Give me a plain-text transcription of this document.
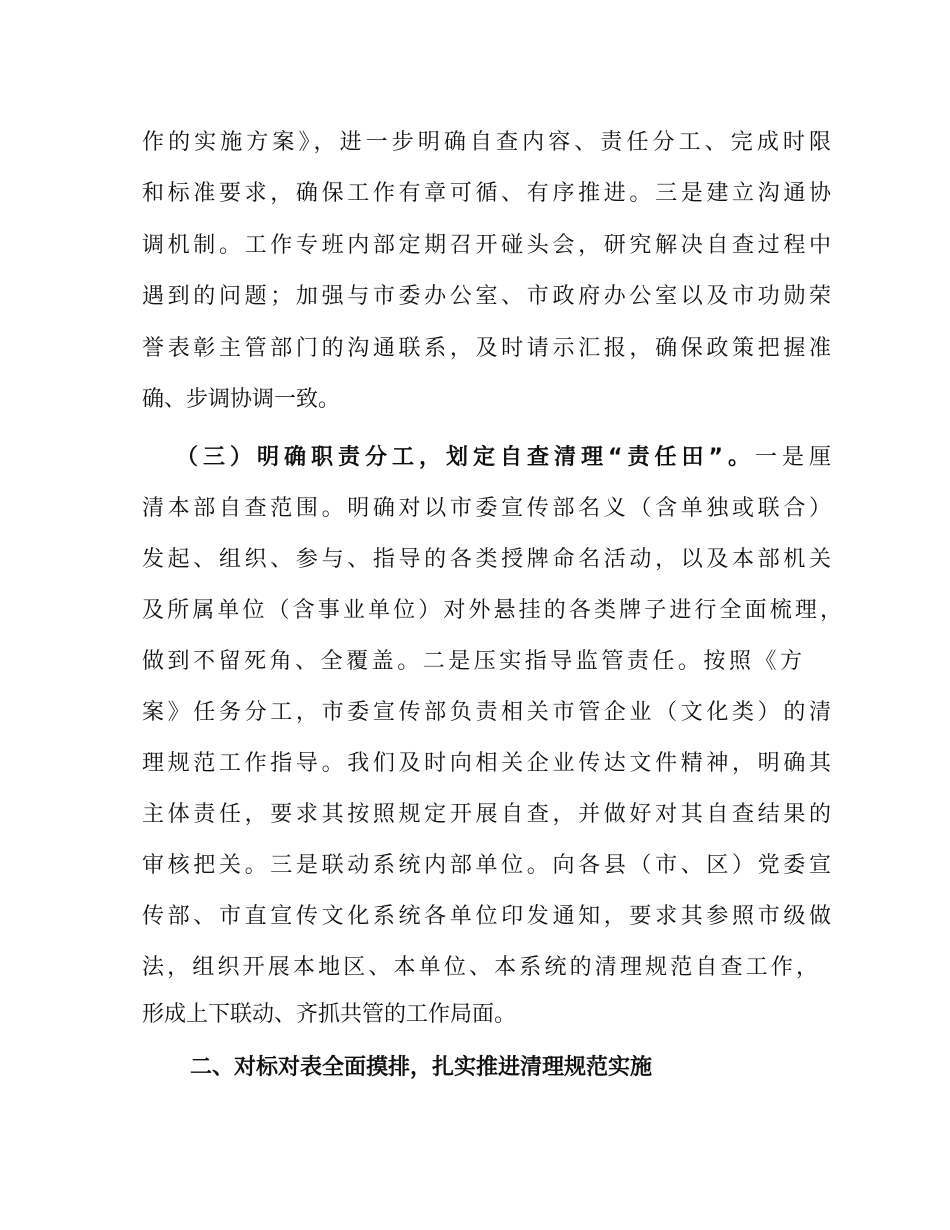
作的实施方案》，进一步明确自查内容、责任分工、完成时限
和标准要求，确保工作有章可循、有序推进。三是建立沟通协
调机制。工作专班内部定期召开碰头会，研究解决自查过程中
遇到的问题；加强与市委办公室、市政府办公室以及市功勋荣
誉表彰主管部门的沟通联系，及时请示汇报，确保政策把握准
确、步调协调一致。
（三）明确职责分工，划定自查清理“责任田”。一是厘
清本部自查范围。明确对以市委宣传部名义（含单独或联合）
发起、组织、参与、指导的各类授牌命名活动，以及本部机关
及所属单位（含事业单位）对外悬挂的各类牌子进行全面梳理，
做到不留死角、全覆盖。二是压实指导监管责任。按照《方
案》任务分工，市委宣传部负责相关市管企业（文化类）的清
理规范工作指导。我们及时向相关企业传达文件精神，明确其
主体责任，要求其按照规定开展自查，并做好对其自查结果的
审核把关。三是联动系统内部单位。向各县（市、区）党委宣
传部、市直宣传文化系统各单位印发通知，要求其参照市级做
法，组织开展本地区、本单位、本系统的清理规范自查工作，
形成上下联动、齐抓共管的工作局面。
二、对标对表全面摸排，扎实推进清理规范实施
